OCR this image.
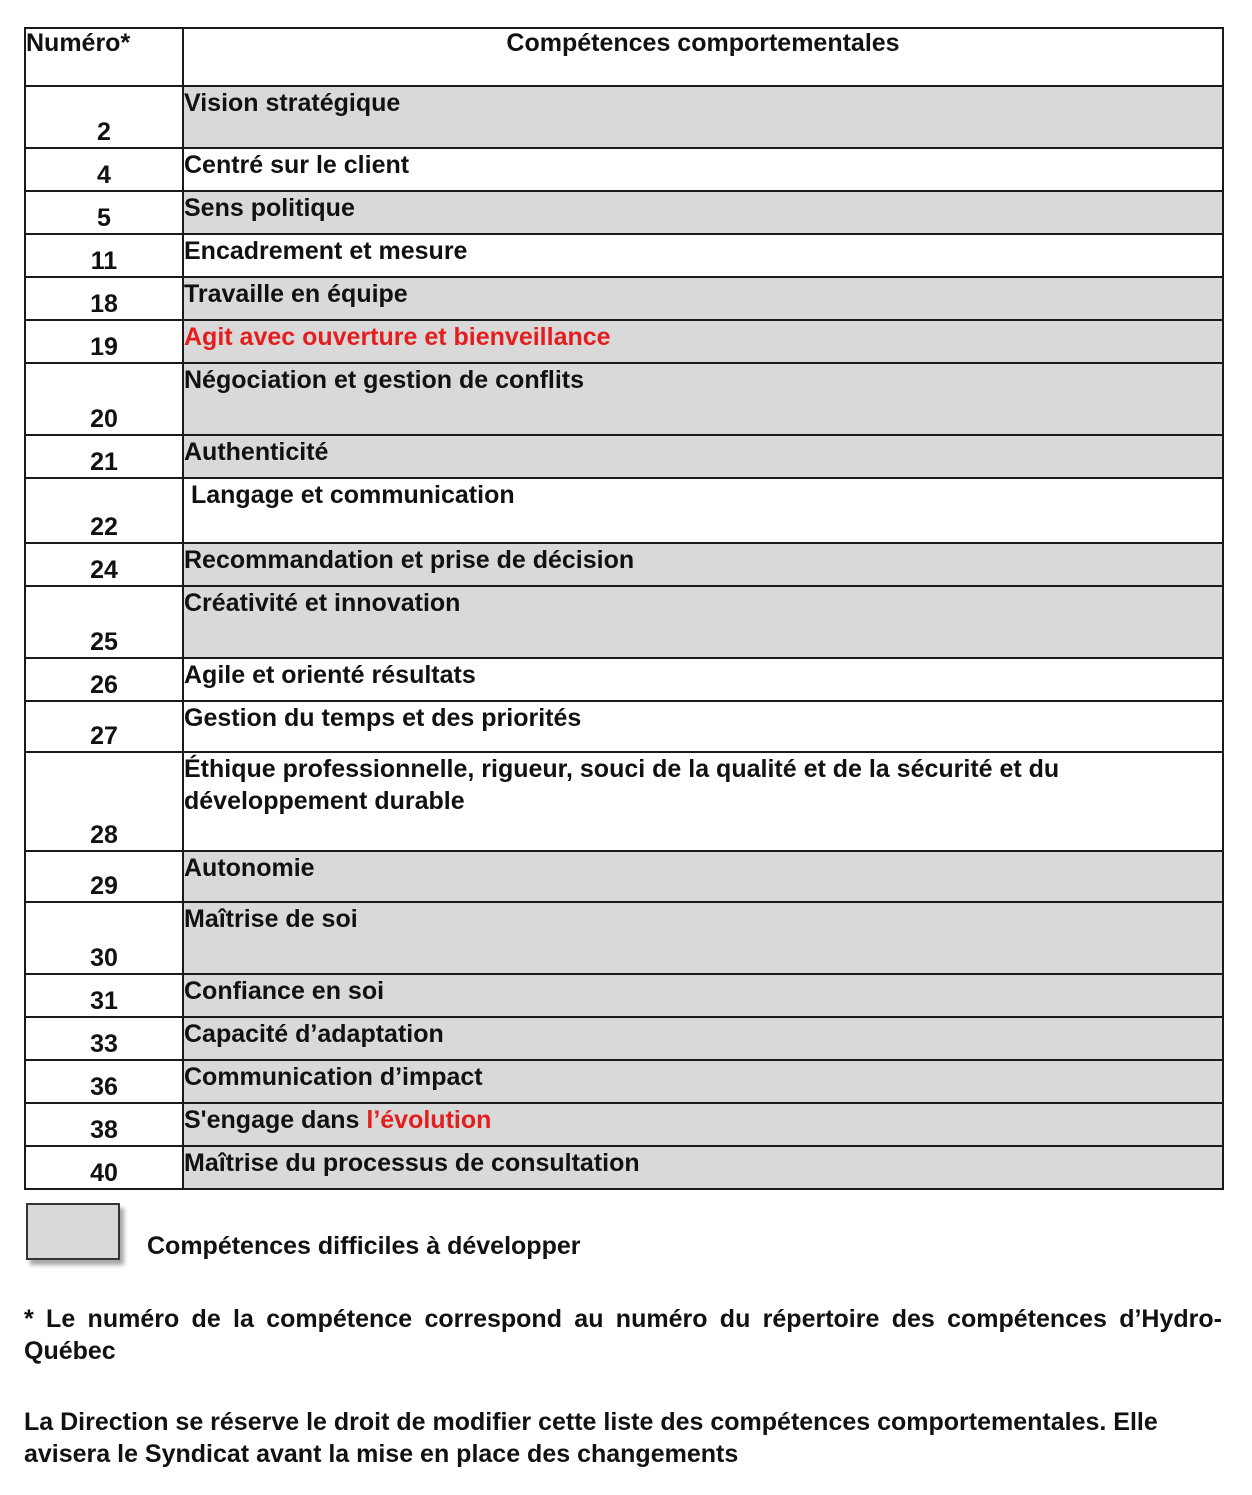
Numéro*	Compétences comportementales
2	Vision stratégique
4	Centré sur le client
5	Sens politique
11	Encadrement et mesure
18	Travaille en équipe
19	Agit avec ouverture et bienveillance
20	Négociation et gestion de conflits
21	Authenticité
22	Langage et communication
24	Recommandation et prise de décision
25	Créativité et innovation
26	Agile et orienté résultats
27	Gestion du temps et des priorités
28	Éthique professionnelle, rigueur, souci de la qualité et de la sécurité et du développement durable
29	Autonomie
30	Maîtrise de soi
31	Confiance en soi
33	Capacité d’adaptation
36	Communication d’impact
38	S'engage dans l’évolution
40	Maîtrise du processus de consultation
Compétences difficiles à développer
* Le numéro de la compétence correspond au numéro du répertoire des compétences d’Hydro-Québec
La Direction se réserve le droit de modifier cette liste des compétences comportementales. Elle avisera le Syndicat avant la mise en place des changements
